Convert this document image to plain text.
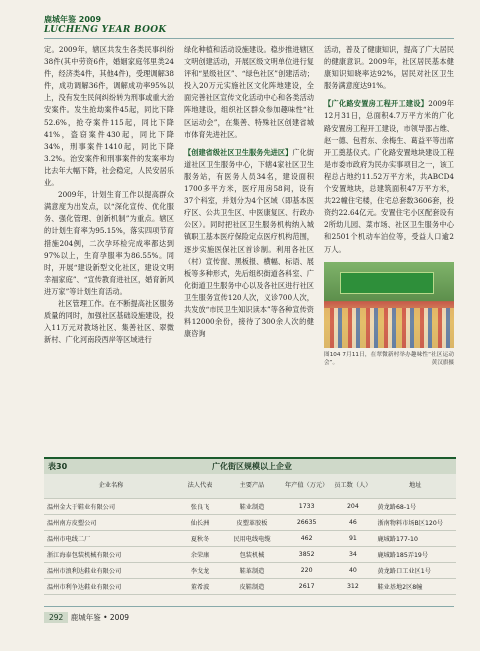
鹿城年鉴 2009
LUCHENG YEAR BOOK

定。2009年，辖区共发生各类民事纠纷38件(其中劳资6件，婚姻家庭邻里类24件，经济类4件，其他4件)，受理调解38件，成功调解36件，调解成功率95%以上，没有发生民间纠纷转为刑事或重大治安案件。发生抢劫案件45起，同比下降52.6%，抢夺案件115起，同比下降41%，盗窃案件430起，同比下降34%，刑事案件1410起，同比下降3.2%。治安案件和刑事案件的发案率均比去年大幅下降，社会稳定，人民安居乐业。

2009年，计划生育工作以提高群众满意度为出发点，以“深化宣传、优化服务、强化管理、创新机制”为重点。辖区的计划生育率为95.15%，落实四项节育措施204例，二次孕环检完成率都达到97%以上，生育孕服率为86.55%。同时，开展“建设新型文化社区，建设文明幸福家庭”、“宣传教育进社区，婚育新风进万家”等计划生育活动。

社区管理工作。在不断提高社区服务质量的同时，加强社区基础设施建设，投入11万元对教场社区、集善社区、翠微新村、广化河南段西岸等区域进行

绿化种植和活动设施建设。稳步推进辖区文明创建活动，开展区级文明单位进行复评和“星级社区”、“绿色社区”创建活动；投入20万元实施社区文化阵地建设，全面完善社区宣传文化活动中心和各类活动阵地建设，组织社区群众参加趣味性“社区运动会”，在集善、特殊社区创建省城市体育先进社区。

【创建省级社区卫生服务先进区】广化街道社区卫生服务中心，下辖4家社区卫生服务站，有医务人员34名，建设面积1700多平方米，医疗用房58间，设有37个科室，并划分为4个区域（即基本医疗区、公共卫生区、中医康复区、行政办公区）。同时把社区卫生服务机构纳入城镇职工基本医疗保险定点医疗机构范围，逐步实施医保社区首诊制。利用各社区（村）宣传窗、黑板报、横幅、标语、展板等多种形式，先后组织街道各科室、广化街道卫生服务中心以及各社区进行社区卫生服务宣传120人次，义诊700人次，共发放“市民卫生知识读本”等各种宣传资料12000余份，接待了300余人次的健康咨询

活动，普及了健康知识，提高了广大居民的健康意识。2009年，社区居民基本健康知识知晓率达92%，居民对社区卫生服务满意度达91%。

【广化路安置房工程开工建设】2009年12月31日，总面积4.7万平方米的广化路安置房工程开工建设，市领导邵占维、赵一德、包哲东、余梅生、葛益平等出席开工奠基仪式。广化路安置地块建设工程是市委市政府为民办实事项目之一，该工程总占地约11.52万平方米，共ABCD4个安置地块，总建筑面积47万平方米，共22幢住宅楼，住宅总套数3606套，投资约22.64亿元。安置住宅小区配套设有2所幼儿园、菜市场、社区卫生服务中心和2501个机动车泊位等，受益人口逾2万人。

图104 7月11日，在翠微新村举办趣味性“社区运动会”。	黄汉旗摄
表30	广化街区规模以上企业
企业名称	法人代表	主要产品	年产值（万元）	员工数（人）	地址
温州金大于鞋业有限公司	张良飞	鞋业制造	1733	204	黄龙路68-1号
温州南方皮塑公司	仙长洲	皮塑革胶板	26635	46	浙南物料市场B区120号
温州市电线二厂	夏秋冬	民用电线电缆	462	91	鹿城路177-10
浙江海泰包装机械有限公司	余荣康	包装机械	3852	34	鹿城路185弄19号
温州市浪利达鞋业有限公司	李戈龙	鞋革制造	220	40	黄龙路口工业区1号
温州市利争达鞋业有限公司	董希波	皮鞋制造	2617	312	鞋业基地2区8幢
292 鹿城年鉴 • 2009
